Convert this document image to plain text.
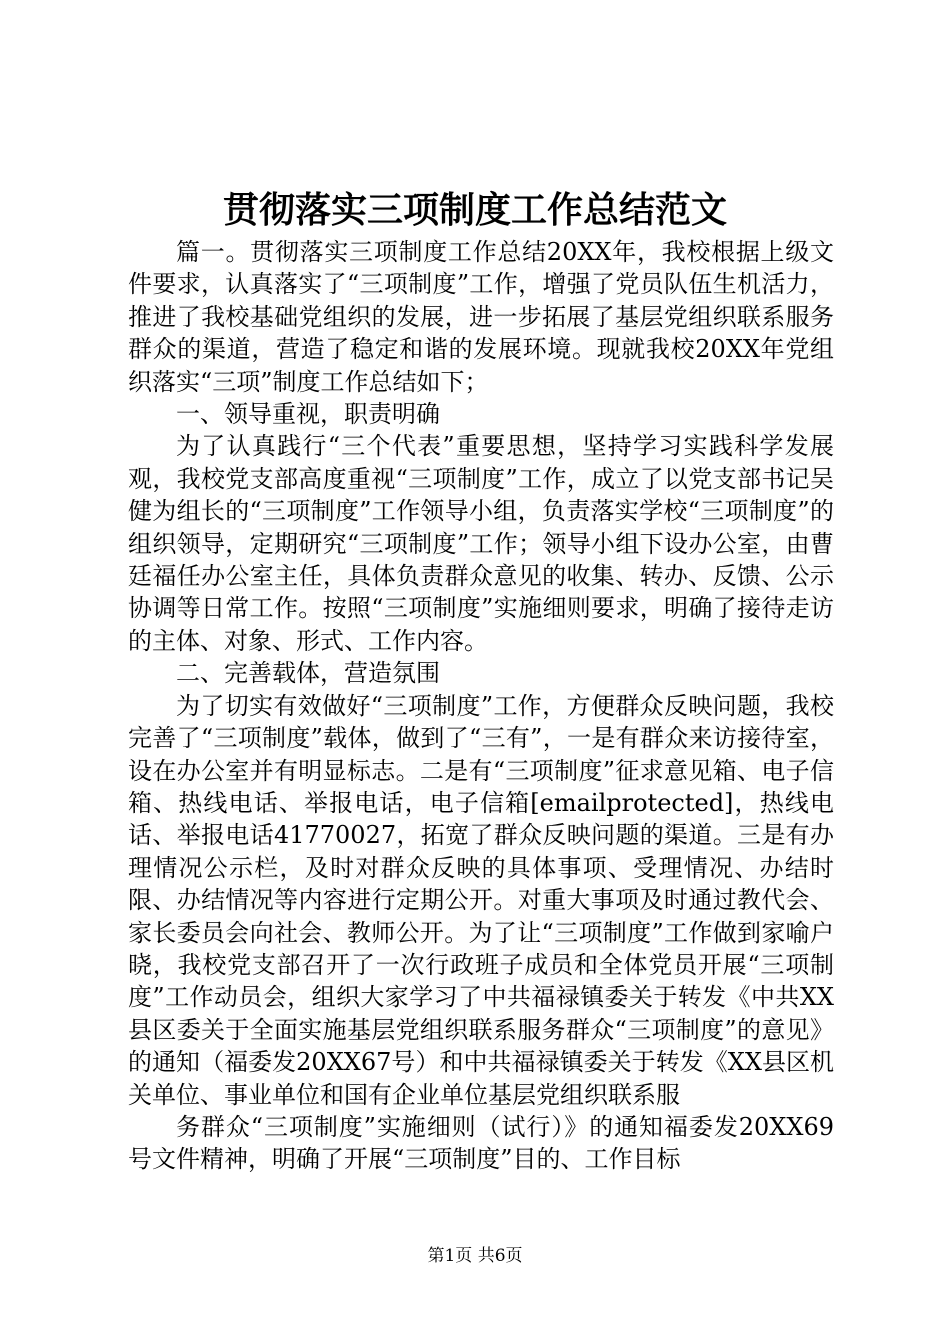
贯彻落实三项制度工作总结范文

篇一。贯彻落实三项制度工作总结20XX年，我校根据上级文件要求，认真落实了“三项制度”工作，增强了党员队伍生机活力，推进了我校基础党组织的发展，进一步拓展了基层党组织联系服务群众的渠道，营造了稳定和谐的发展环境。现就我校20XX年党组织落实“三项”制度工作总结如下；

一、领导重视，职责明确

为了认真践行“三个代表”重要思想，坚持学习实践科学发展观，我校党支部高度重视“三项制度”工作，成立了以党支部书记吴健为组长的“三项制度”工作领导小组，负责落实学校“三项制度”的组织领导，定期研究“三项制度”工作；领导小组下设办公室，由曹廷福任办公室主任，具体负责群众意见的收集、转办、反馈、公示协调等日常工作。按照“三项制度”实施细则要求，明确了接待走访的主体、对象、形式、工作内容。

二、完善载体，营造氛围

为了切实有效做好“三项制度”工作，方便群众反映问题，我校完善了“三项制度”载体，做到了“三有”，一是有群众来访接待室，设在办公室并有明显标志。二是有“三项制度”征求意见箱、电子信箱、热线电话、举报电话，电子信箱[emailprotected]，热线电话、举报电话41770027，拓宽了群众反映问题的渠道。三是有办理情况公示栏，及时对群众反映的具体事项、受理情况、办结时限、办结情况等内容进行定期公开。对重大事项及时通过教代会、家长委员会向社会、教师公开。为了让“三项制度”工作做到家喻户晓，我校党支部召开了一次行政班子成员和全体党员开展“三项制度”工作动员会，组织大家学习了中共福禄镇委关于转发《中共XX县区委关于全面实施基层党组织联系服务群众“三项制度”的意见》的通知（福委发20XX67号）和中共福禄镇委关于转发《XX县区机关单位、事业单位和国有企业单位基层党组织联系服

务群众“三项制度”实施细则（试行）》的通知福委发20XX69号文件精神，明确了开展“三项制度”目的、工作目标

第1页 共6页
